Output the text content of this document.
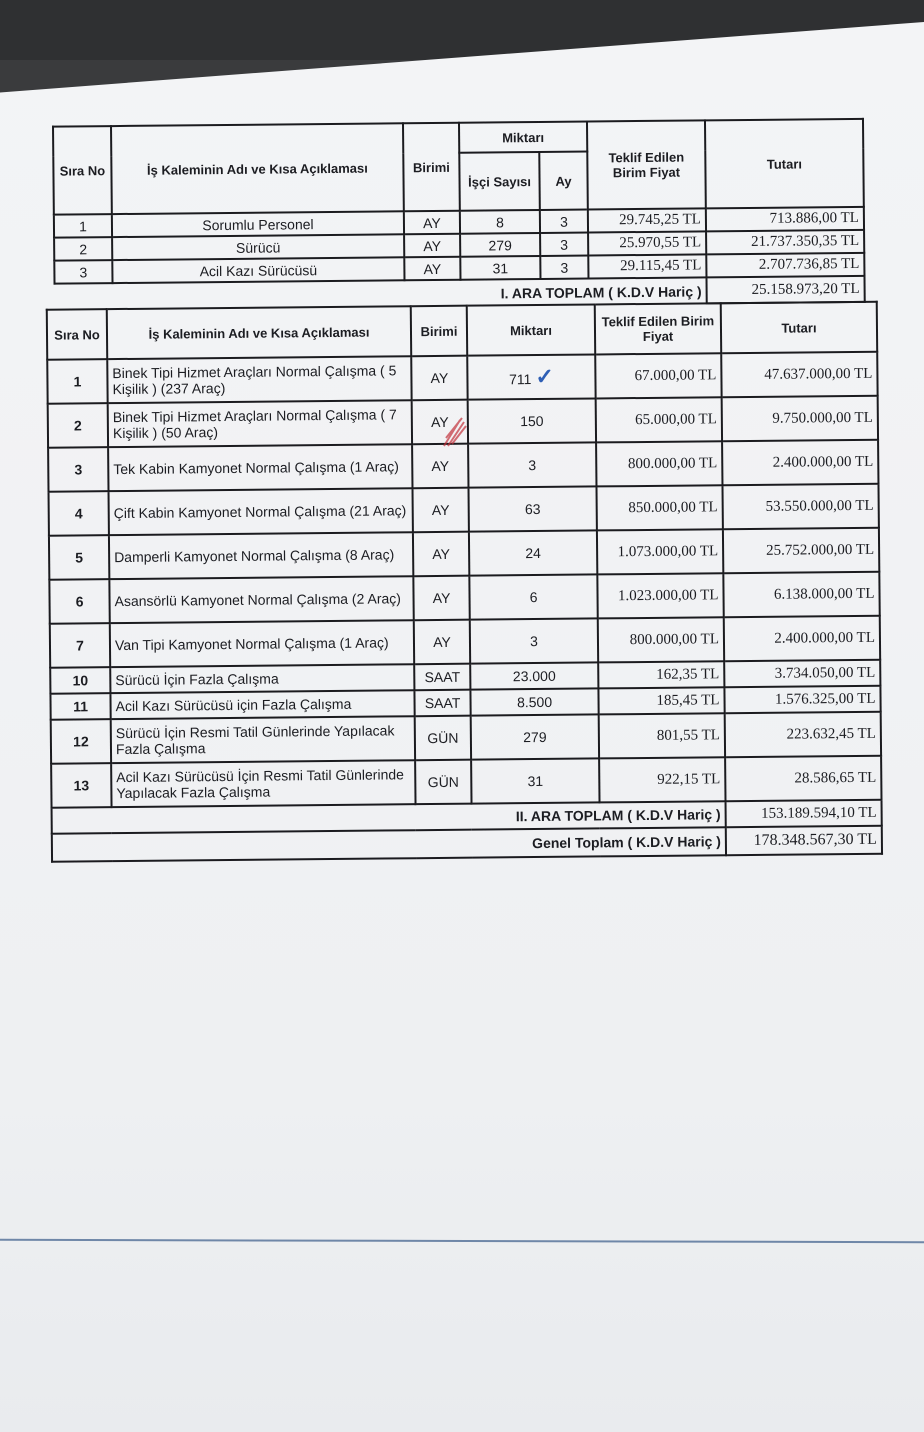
Sıra No	İş Kaleminin Adı ve Kısa Açıklaması	Birimi	Miktarı		Teklif Edilen Birim Fiyat	Tutarı
			İşçi Sayısı	Ay		
1	Sorumlu Personel	AY	8	3	29.745,25 TL	713.886,00 TL
2	Sürücü	AY	279	3	25.970,55 TL	21.737.350,35 TL
3	Acil Kazı Sürücüsü	AY	31	3	29.115,45 TL	2.707.736,85 TL
I. ARA TOPLAM ( K.D.V Hariç )						25.158.973,20 TL
Sıra No	İş Kaleminin Adı ve Kısa Açıklaması	Birimi	Miktarı	Teklif Edilen Birim Fiyat	Tutarı
1	Binek Tipi Hizmet Araçları Normal Çalışma ( 5 Kişilik ) (237 Araç)	AY	711 ✓	67.000,00 TL	47.637.000,00 TL
2	Binek Tipi Hizmet Araçları Normal Çalışma ( 7 Kişilik ) (50 Araç)	AY	150	65.000,00 TL	9.750.000,00 TL
3	Tek Kabin Kamyonet Normal Çalışma (1 Araç)	AY	3	800.000,00 TL	2.400.000,00 TL
4	Çift Kabin Kamyonet Normal Çalışma (21 Araç)	AY	63	850.000,00 TL	53.550.000,00 TL
5	Damperli Kamyonet Normal Çalışma (8 Araç)	AY	24	1.073.000,00 TL	25.752.000,00 TL
6	Asansörlü Kamyonet Normal Çalışma (2 Araç)	AY	6	1.023.000,00 TL	6.138.000,00 TL
7	Van Tipi Kamyonet Normal Çalışma (1 Araç)	AY	3	800.000,00 TL	2.400.000,00 TL
10	Sürücü İçin Fazla Çalışma	SAAT	23.000	162,35 TL	3.734.050,00 TL
11	Acil Kazı Sürücüsü için Fazla Çalışma	SAAT	8.500	185,45 TL	1.576.325,00 TL
12	Sürücü İçin Resmi Tatil Günlerinde Yapılacak Fazla Çalışma	GÜN	279	801,55 TL	223.632,45 TL
13	Acil Kazı Sürücüsü İçin Resmi Tatil Günlerinde Yapılacak Fazla Çalışma	GÜN	31	922,15 TL	28.586,65 TL
II. ARA TOPLAM ( K.D.V Hariç )					153.189.594,10 TL
Genel Toplam ( K.D.V Hariç )					178.348.567,30 TL
